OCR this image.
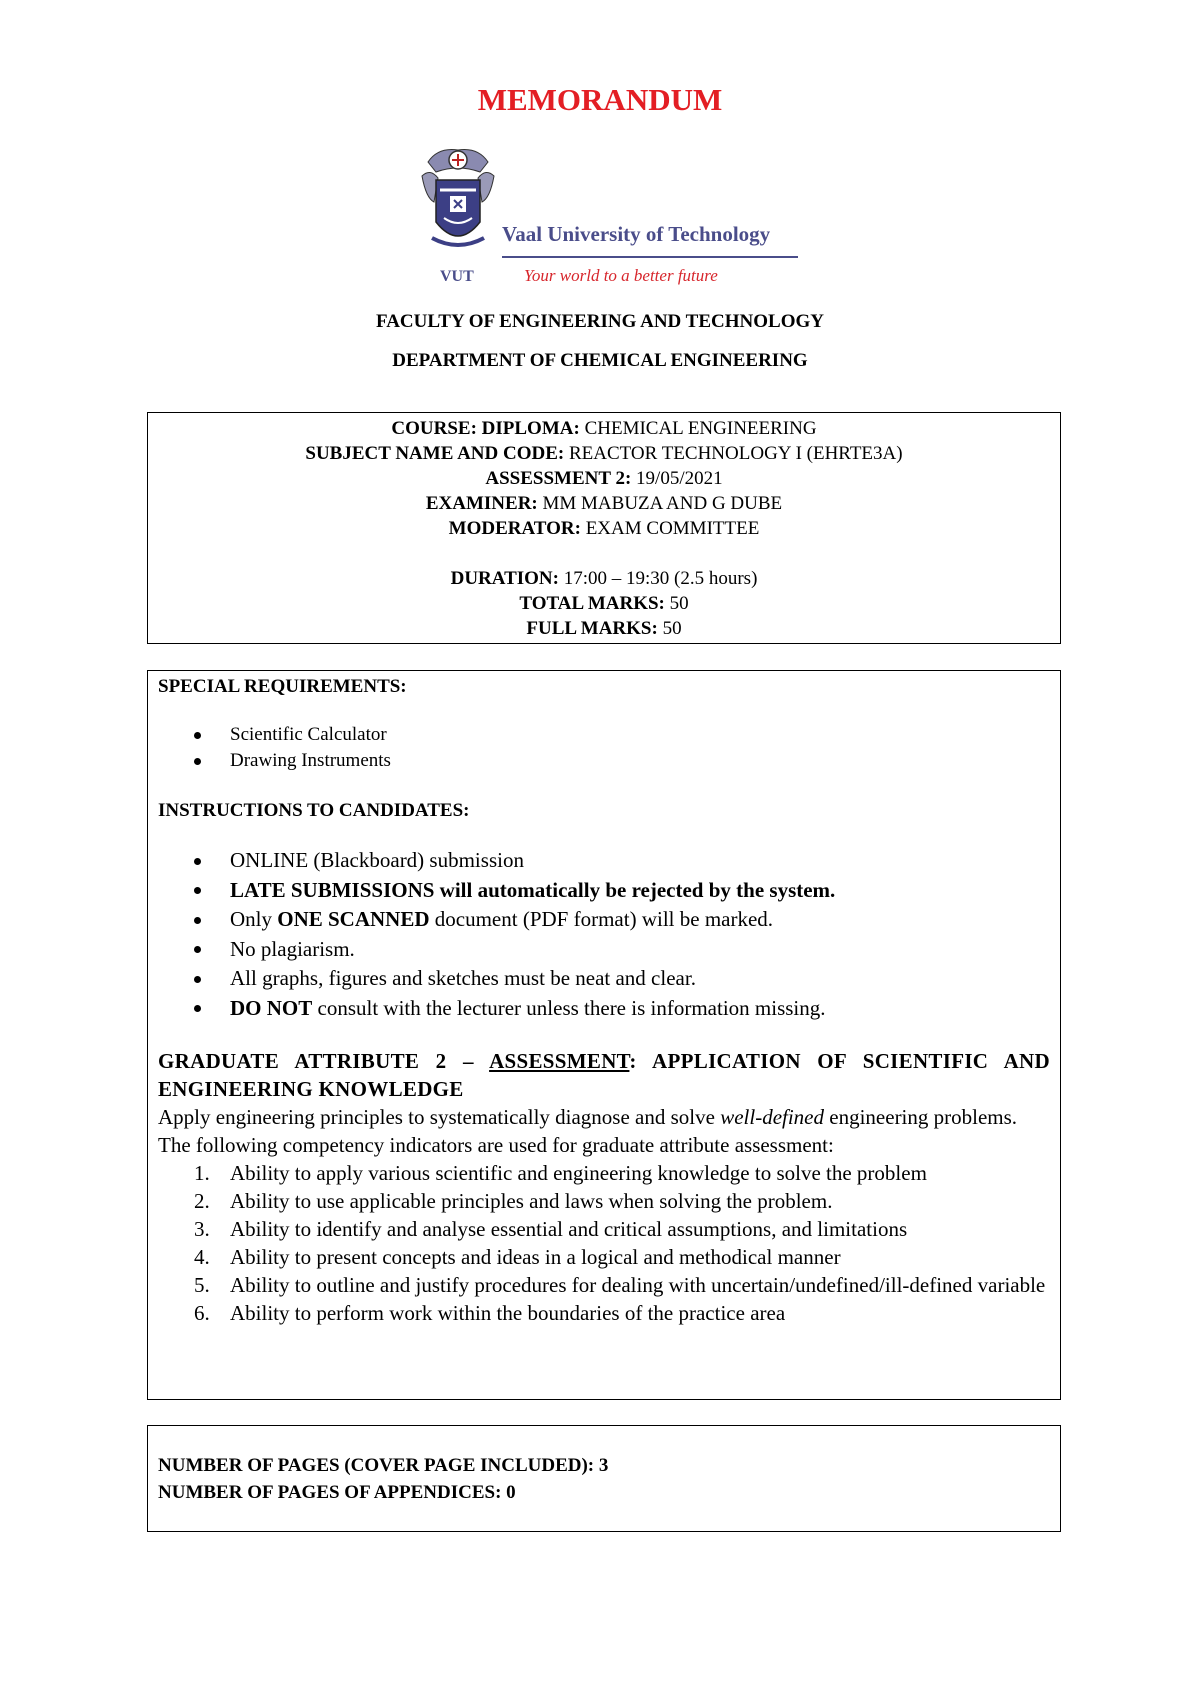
MEMORANDUM
Vaal University of Technology
VUT	Your world to a better future
FACULTY OF ENGINEERING AND TECHNOLOGY
DEPARTMENT OF CHEMICAL ENGINEERING
COURSE: DIPLOMA: CHEMICAL ENGINEERING
SUBJECT NAME AND CODE: REACTOR TECHNOLOGY I (EHRTE3A)
ASSESSMENT 2: 19/05/2021
EXAMINER: MM MABUZA AND G DUBE
MODERATOR: EXAM COMMITTEE
DURATION: 17:00 – 19:30 (2.5 hours)
TOTAL MARKS: 50
FULL MARKS: 50
SPECIAL REQUIREMENTS:
Scientific Calculator
Drawing Instruments
INSTRUCTIONS TO CANDIDATES:
ONLINE (Blackboard) submission
LATE SUBMISSIONS will automatically be rejected by the system.
Only ONE SCANNED document (PDF format) will be marked.
No plagiarism.
All graphs, figures and sketches must be neat and clear.
DO NOT consult with the lecturer unless there is information missing.
GRADUATE ATTRIBUTE 2 – ASSESSMENT: APPLICATION OF SCIENTIFIC AND ENGINEERING KNOWLEDGE
Apply engineering principles to systematically diagnose and solve well-defined engineering problems.
The following competency indicators are used for graduate attribute assessment:
1. Ability to apply various scientific and engineering knowledge to solve the problem
2. Ability to use applicable principles and laws when solving the problem.
3. Ability to identify and analyse essential and critical assumptions, and limitations
4. Ability to present concepts and ideas in a logical and methodical manner
5. Ability to outline and justify procedures for dealing with uncertain/undefined/ill-defined variable
6. Ability to perform work within the boundaries of the practice area
NUMBER OF PAGES (COVER PAGE INCLUDED): 3
NUMBER OF PAGES OF APPENDICES: 0
